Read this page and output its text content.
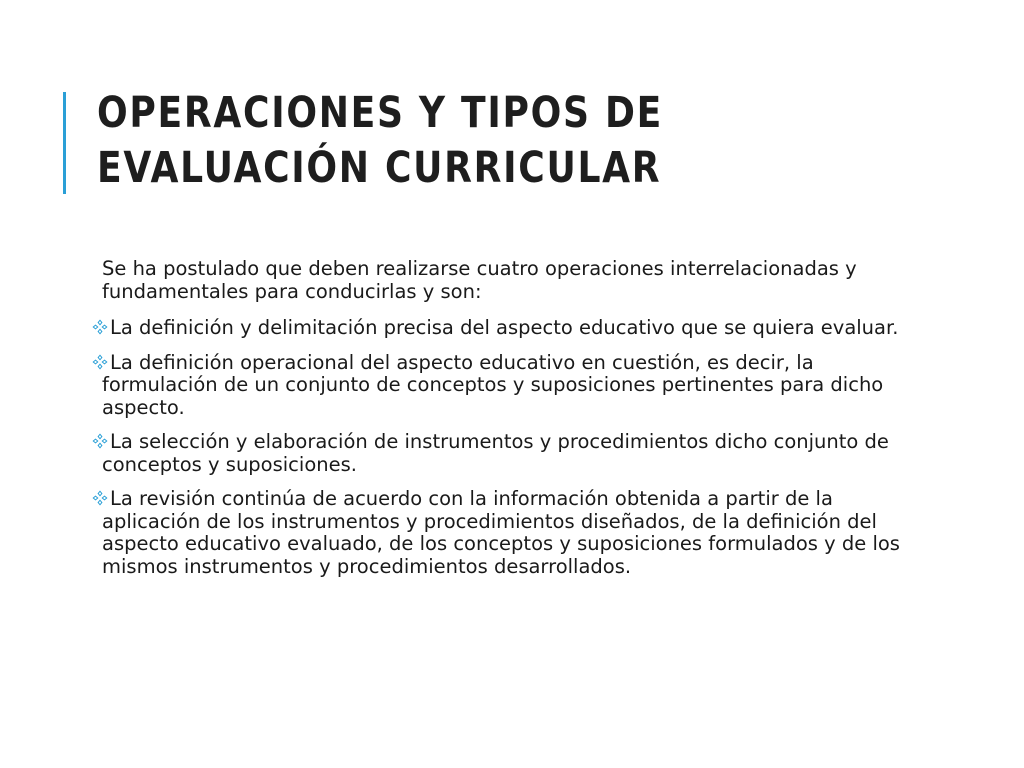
OPERACIONES Y TIPOS DE
EVALUACIÓN CURRICULAR

Se ha postulado que deben realizarse cuatro operaciones interrelacionadas y fundamentales para conducirlas y son:

La definición y delimitación precisa del aspecto educativo que se quiera evaluar.
La definición operacional del aspecto educativo en cuestión, es decir, la formulación de un conjunto de conceptos y suposiciones pertinentes para dicho aspecto.
La selección y elaboración de instrumentos y procedimientos dicho conjunto de conceptos y suposiciones.
La revisión continúa de acuerdo con la información obtenida a partir de la aplicación de los instrumentos y procedimientos diseñados, de la definición del aspecto educativo evaluado, de los conceptos y suposiciones formulados y de los mismos instrumentos y procedimientos desarrollados.
